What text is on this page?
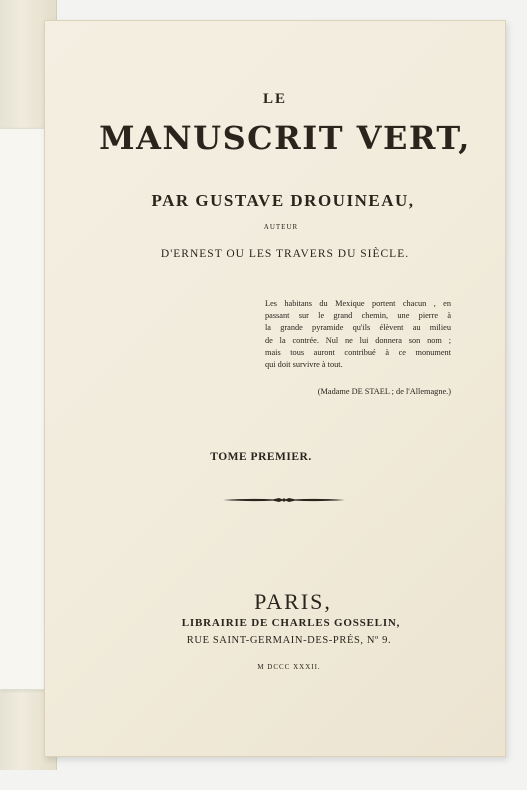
LE
MANUSCRIT VERT,
PAR GUSTAVE DROUINEAU,
AUTEUR
D'ERNEST OU LES TRAVERS DU SIÈCLE.
Les habitans du Mexique portent chacun , en
passant sur le grand chemin, une pierre à
la grande pyramide qu'ils élèvent au milieu
de la contrée. Nul ne lui donnera son nom ;
mais tous auront contribué à ce monument
qui doit survivre à tout.
(Madame DE STAEL ; de l'Allemagne.)
TOME PREMIER.
PARIS,
LIBRAIRIE DE CHARLES GOSSELIN,
RUE SAINT-GERMAIN-DES-PRÉS, Nº 9.
M DCCC XXXII.
